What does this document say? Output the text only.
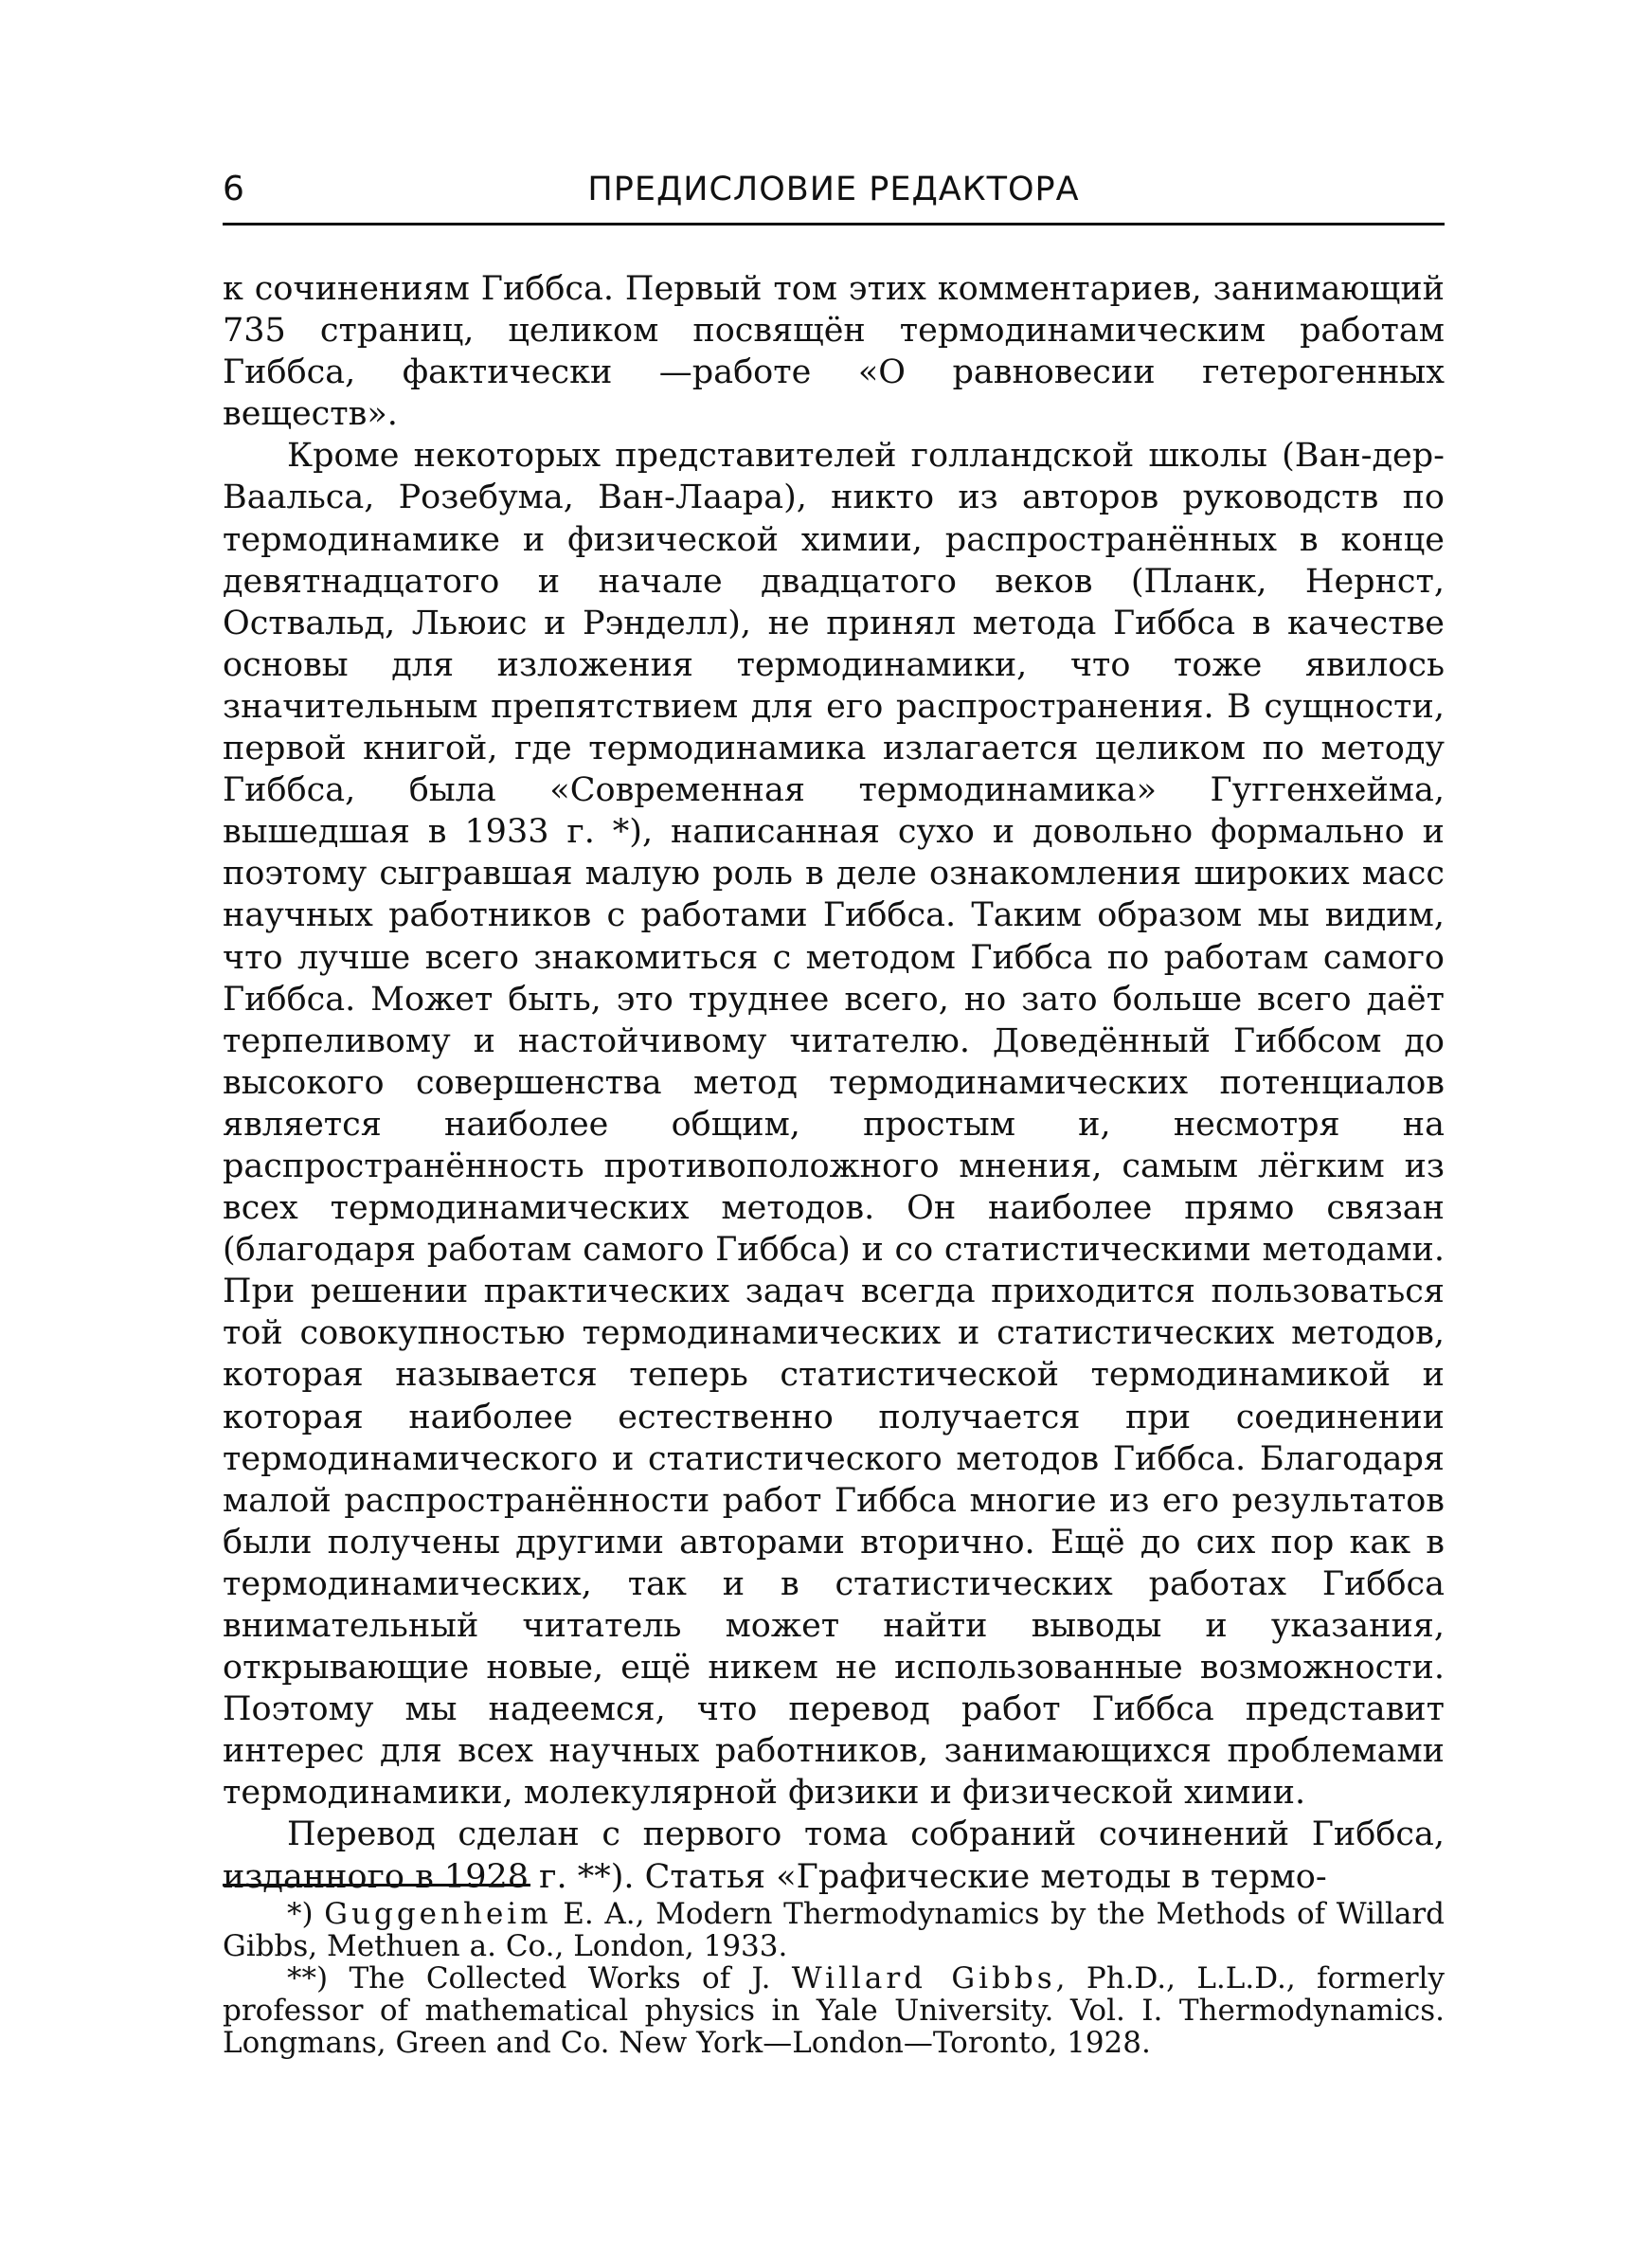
6	ПРЕДИСЛОВИЕ РЕДАКТОРА

к сочинениям Гиббса. Первый том этих комментариев, занимающий 735 страниц, целиком посвящён термодинамическим работам Гиббса, фактически —работе «О равновесии гетерогенных веществ».

Кроме некоторых представителей голландской школы (Ван-дер-Ваальса, Розебума, Ван-Лаара), никто из авторов руководств по термодинамике и физической химии, распространённых в конце девятнадцатого и начале двадцатого веков (Планк, Нернст, Оствальд, Льюис и Рэнделл), не принял метода Гиббса в качестве основы для изложения термодинамики, что тоже явилось значительным препятствием для его распространения. В сущности, первой книгой, где термодинамика излагается целиком по методу Гиббса, была «Современная термодинамика» Гуггенхейма, вышедшая в 1933 г. *), написанная сухо и довольно формально и поэтому сыгравшая малую роль в деле ознакомления широких масс научных работников с работами Гиббса. Таким образом мы видим, что лучше всего знакомиться с методом Гиббса по работам самого Гиббса. Может быть, это труднее всего, но зато больше всего даёт терпеливому и настойчивому читателю. Доведённый Гиббсом до высокого совершенства метод термодинамических потенциалов является наиболее общим, простым и, несмотря на распространённость противоположного мнения, самым лёгким из всех термодинамических методов. Он наиболее прямо связан (благодаря работам самого Гиббса) и со статистическими методами. При решении практических задач всегда приходится пользоваться той совокупностью термодинамических и статистических методов, которая называется теперь статистической термодинамикой и которая наиболее естественно получается при соединении термодинамического и статистического методов Гиббса. Благодаря малой распространённости работ Гиббса многие из его результатов были получены другими авторами вторично. Ещё до сих пор как в термодинамических, так и в статистических работах Гиббса внимательный читатель может найти выводы и указания, открывающие новые, ещё никем не использованные возможности. Поэтому мы надеемся, что перевод работ Гиббса представит интерес для всех научных работников, занимающихся проблемами термодинамики, молекулярной физики и физической химии.

Перевод сделан с первого тома собраний сочинений Гиббса, изданного в 1928 г. **). Статья «Графические методы в термо-

*) Guggenheim E. A., Modern Thermodynamics by the Methods of Willard Gibbs, Methuen a. Co., London, 1933.

**) The Collected Works of J. Willard Gibbs, Ph.D., L.L.D., formerly professor of mathematical physics in Yale University. Vol. I. Thermodynamics. Longmans, Green and Co. New York—London—Toronto, 1928.
